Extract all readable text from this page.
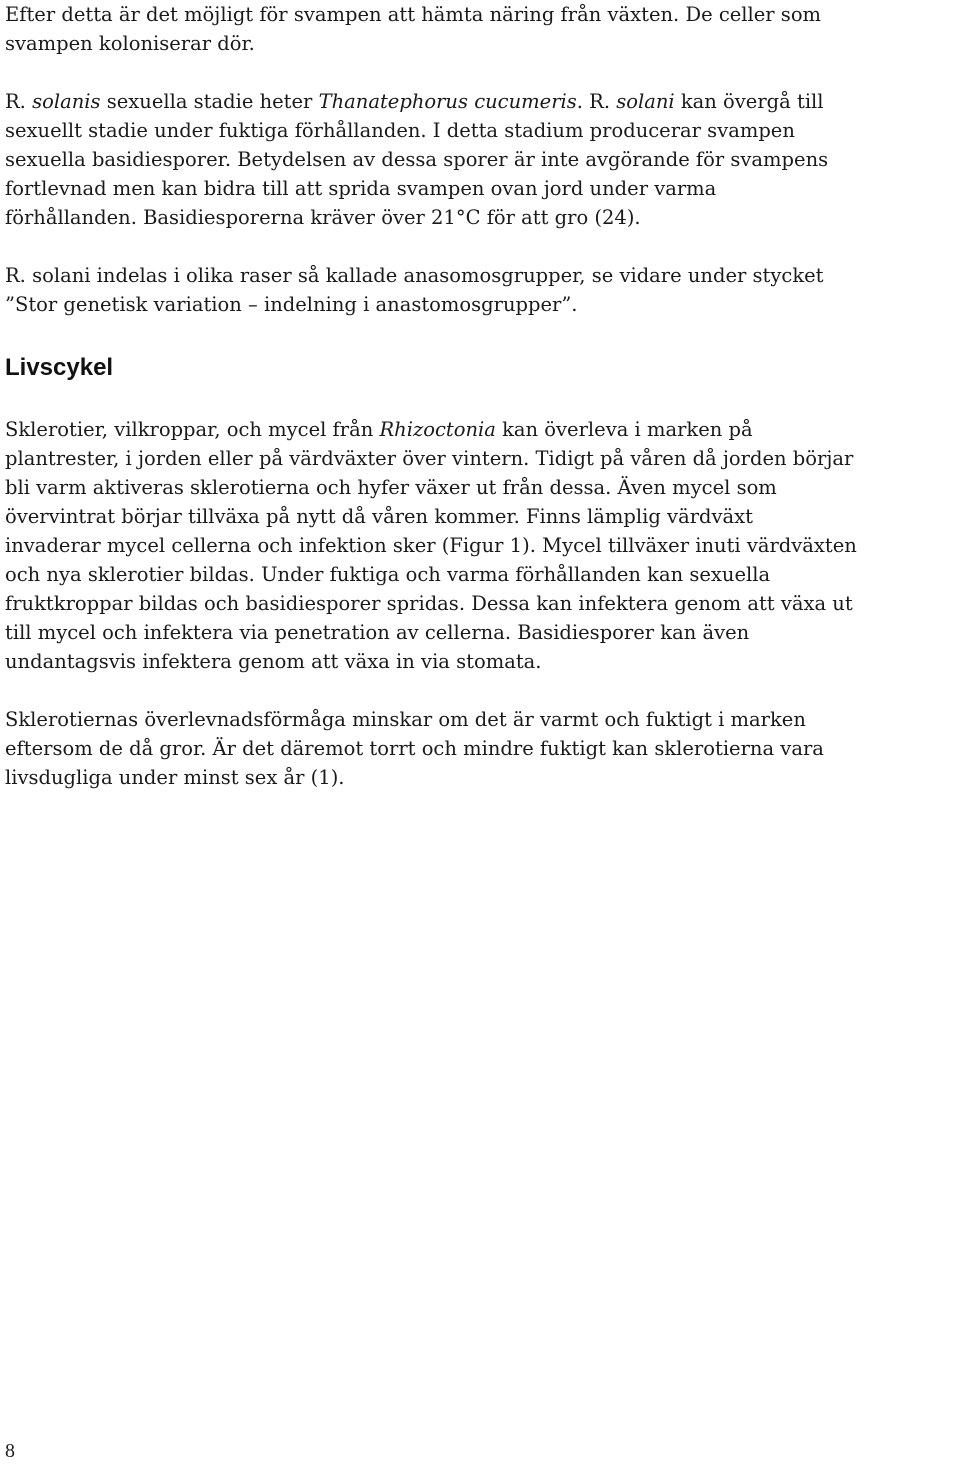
Efter detta är det möjligt för svampen att hämta näring från växten. De celler som
svampen koloniserar dör.

R. solanis sexuella stadie heter Thanatephorus cucumeris. R. solani kan övergå till
sexuellt stadie under fuktiga förhållanden. I detta stadium producerar svampen
sexuella basidiesporer. Betydelsen av dessa sporer är inte avgörande för svampens
fortlevnad men kan bidra till att sprida svampen ovan jord under varma
förhållanden. Basidiesporerna kräver över 21°C för att gro (24).

R. solani indelas i olika raser så kallade anasomosgrupper, se vidare under stycket
”Stor genetisk variation – indelning i anastomosgrupper”.

Livscykel

Sklerotier, vilkroppar, och mycel från Rhizoctonia kan överleva i marken på
plantrester, i jorden eller på värdväxter över vintern. Tidigt på våren då jorden börjar
bli varm aktiveras sklerotierna och hyfer växer ut från dessa. Även mycel som
övervintrat börjar tillväxa på nytt då våren kommer. Finns lämplig värdväxt
invaderar mycel cellerna och infektion sker (Figur 1). Mycel tillväxer inuti värdväxten
och nya sklerotier bildas. Under fuktiga och varma förhållanden kan sexuella
fruktkroppar bildas och basidiesporer spridas. Dessa kan infektera genom att växa ut
till mycel och infektera via penetration av cellerna. Basidiesporer kan även
undantagsvis infektera genom att växa in via stomata.

Sklerotiernas överlevnadsförmåga minskar om det är varmt och fuktigt i marken
eftersom de då gror. Är det däremot torrt och mindre fuktigt kan sklerotierna vara
livsdugliga under minst sex år (1).

8
